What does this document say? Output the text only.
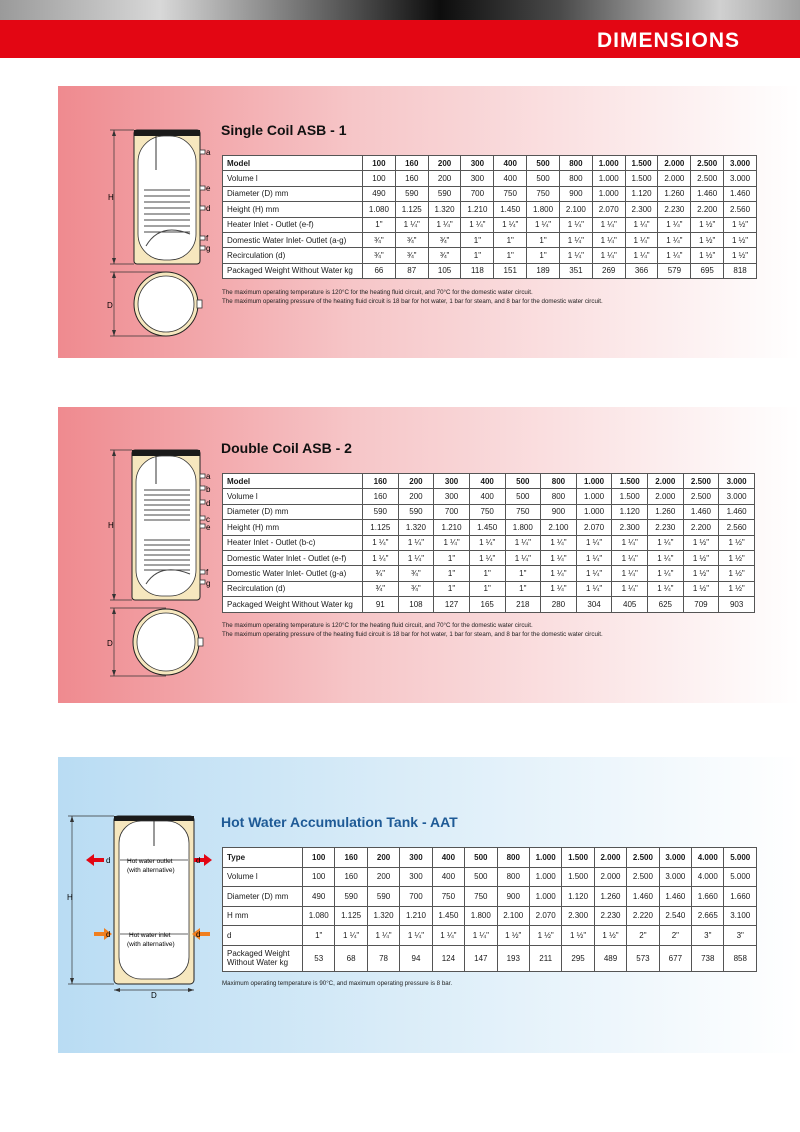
DIMENSIONS
H
a
e
d
f
g
D
Single Coil ASB - 1
Model	100	160	200	300	400	500	800	1.000	1.500	2.000	2.500	3.000

Volume l	100	160	200	300	400	500	800	1.000	1.500	2.000	2.500	3.000

Diameter (D) mm	490	590	590	700	750	750	900	1.000	1.120	1.260	1.460	1.460

Height (H) mm	1.080	1.125	1.320	1.210	1.450	1.800	2.100	2.070	2.300	2.230	2.200	2.560

Heater Inlet - Outlet (e-f)	1"	1 ¼"	1 ¼"	1 ¼"	1 ¼"	1 ¼"	1 ¼"	1 ¼"	1 ¼"	1 ¼"	1 ½"	1 ½"

Domestic Water Inlet- Outlet (a-g)	¾"	¾"	¾"	1"	1"	1"	1 ¼"	1 ¼"	1 ¼"	1 ¼"	1 ½"	1 ½"

Recirculation (d)	¾"	¾"	¾"	1"	1"	1"	1 ¼"	1 ¼"	1 ¼"	1 ¼"	1 ½"	1 ½"

Packaged Weight Without Water kg	66	87	105	118	151	189	351	269	366	579	695	818
The maximum operating temperature is 120°C for the heating fluid circuit, and 70°C for the domestic water circuit.
The maximum operating pressure of the heating fluid circuit is 18 bar for hot water, 1 bar for steam, and 8 bar for the domestic water circuit.
H
a
b
d
c
e
f
g
D
Double Coil ASB - 2
Model	160	200	300	400	500	800	1.000	1.500	2.000	2.500	3.000

Volume l	160	200	300	400	500	800	1.000	1.500	2.000	2.500	3.000

Diameter (D) mm	590	590	700	750	750	900	1.000	1.120	1.260	1.460	1.460

Height (H) mm	1.125	1.320	1.210	1.450	1.800	2.100	2.070	2.300	2.230	2.200	2.560

Heater Inlet - Outlet (b-c)	1 ¼"	1 ¼"	1 ¼"	1 ¼"	1 ¼"	1 ¼"	1 ¼"	1 ¼"	1 ¼"	1 ½"	1 ½"

Domestic Water Inlet - Outlet (e-f)	1 ¼"	1 ¼"	1"	1 ¼"	1 ¼"	1 ¼"	1 ¼"	1 ¼"	1 ¼"	1 ½"	1 ½"

Domestic Water Inlet- Outlet (g-a)	¾"	¾"	1"	1"	1"	1 ¼"	1 ¼"	1 ¼"	1 ¼"	1 ½"	1 ½"

Recirculation (d)	¾"	¾"	1"	1"	1"	1 ¼"	1 ¼"	1 ¼"	1 ¼"	1 ½"	1 ½"

Packaged Weight Without Water kg	91	108	127	165	218	280	304	405	625	709	903
The maximum operating temperature is 120°C for the heating fluid circuit, and 70°C for the domestic water circuit.
The maximum operating pressure of the heating fluid circuit is 18 bar for hot water, 1 bar for steam, and 8 bar for the domestic water circuit.
H
d	d
d	d
Hot water outlet
(with alternative)
Hot water inlet
(with alternative)
D
Hot Water Accumulation Tank - AAT
Type	100	160	200	300	400	500	800	1.000	1.500	2.000	2.500	3.000	4.000	5.000

Volume l	100	160	200	300	400	500	800	1.000	1.500	2.000	2.500	3.000	4.000	5.000

Diameter (D) mm	490	590	590	700	750	750	900	1.000	1.120	1.260	1.460	1.460	1.660	1.660

H mm	1.080	1.125	1.320	1.210	1.450	1.800	2.100	2.070	2.300	2.230	2.220	2.540	2.665	3.100

d	1"	1 ¼"	1 ¼"	1 ¼"	1 ¼"	1 ¼"	1 ½"	1 ½"	1 ½"	1 ½"	2"	2"	3"	3"

Packaged Weight
Without Water kg	53	68	78	94	124	147	193	211	295	489	573	677	738	858
Maximum operating temperature is 90°C, and maximum operating pressure is 8 bar.
